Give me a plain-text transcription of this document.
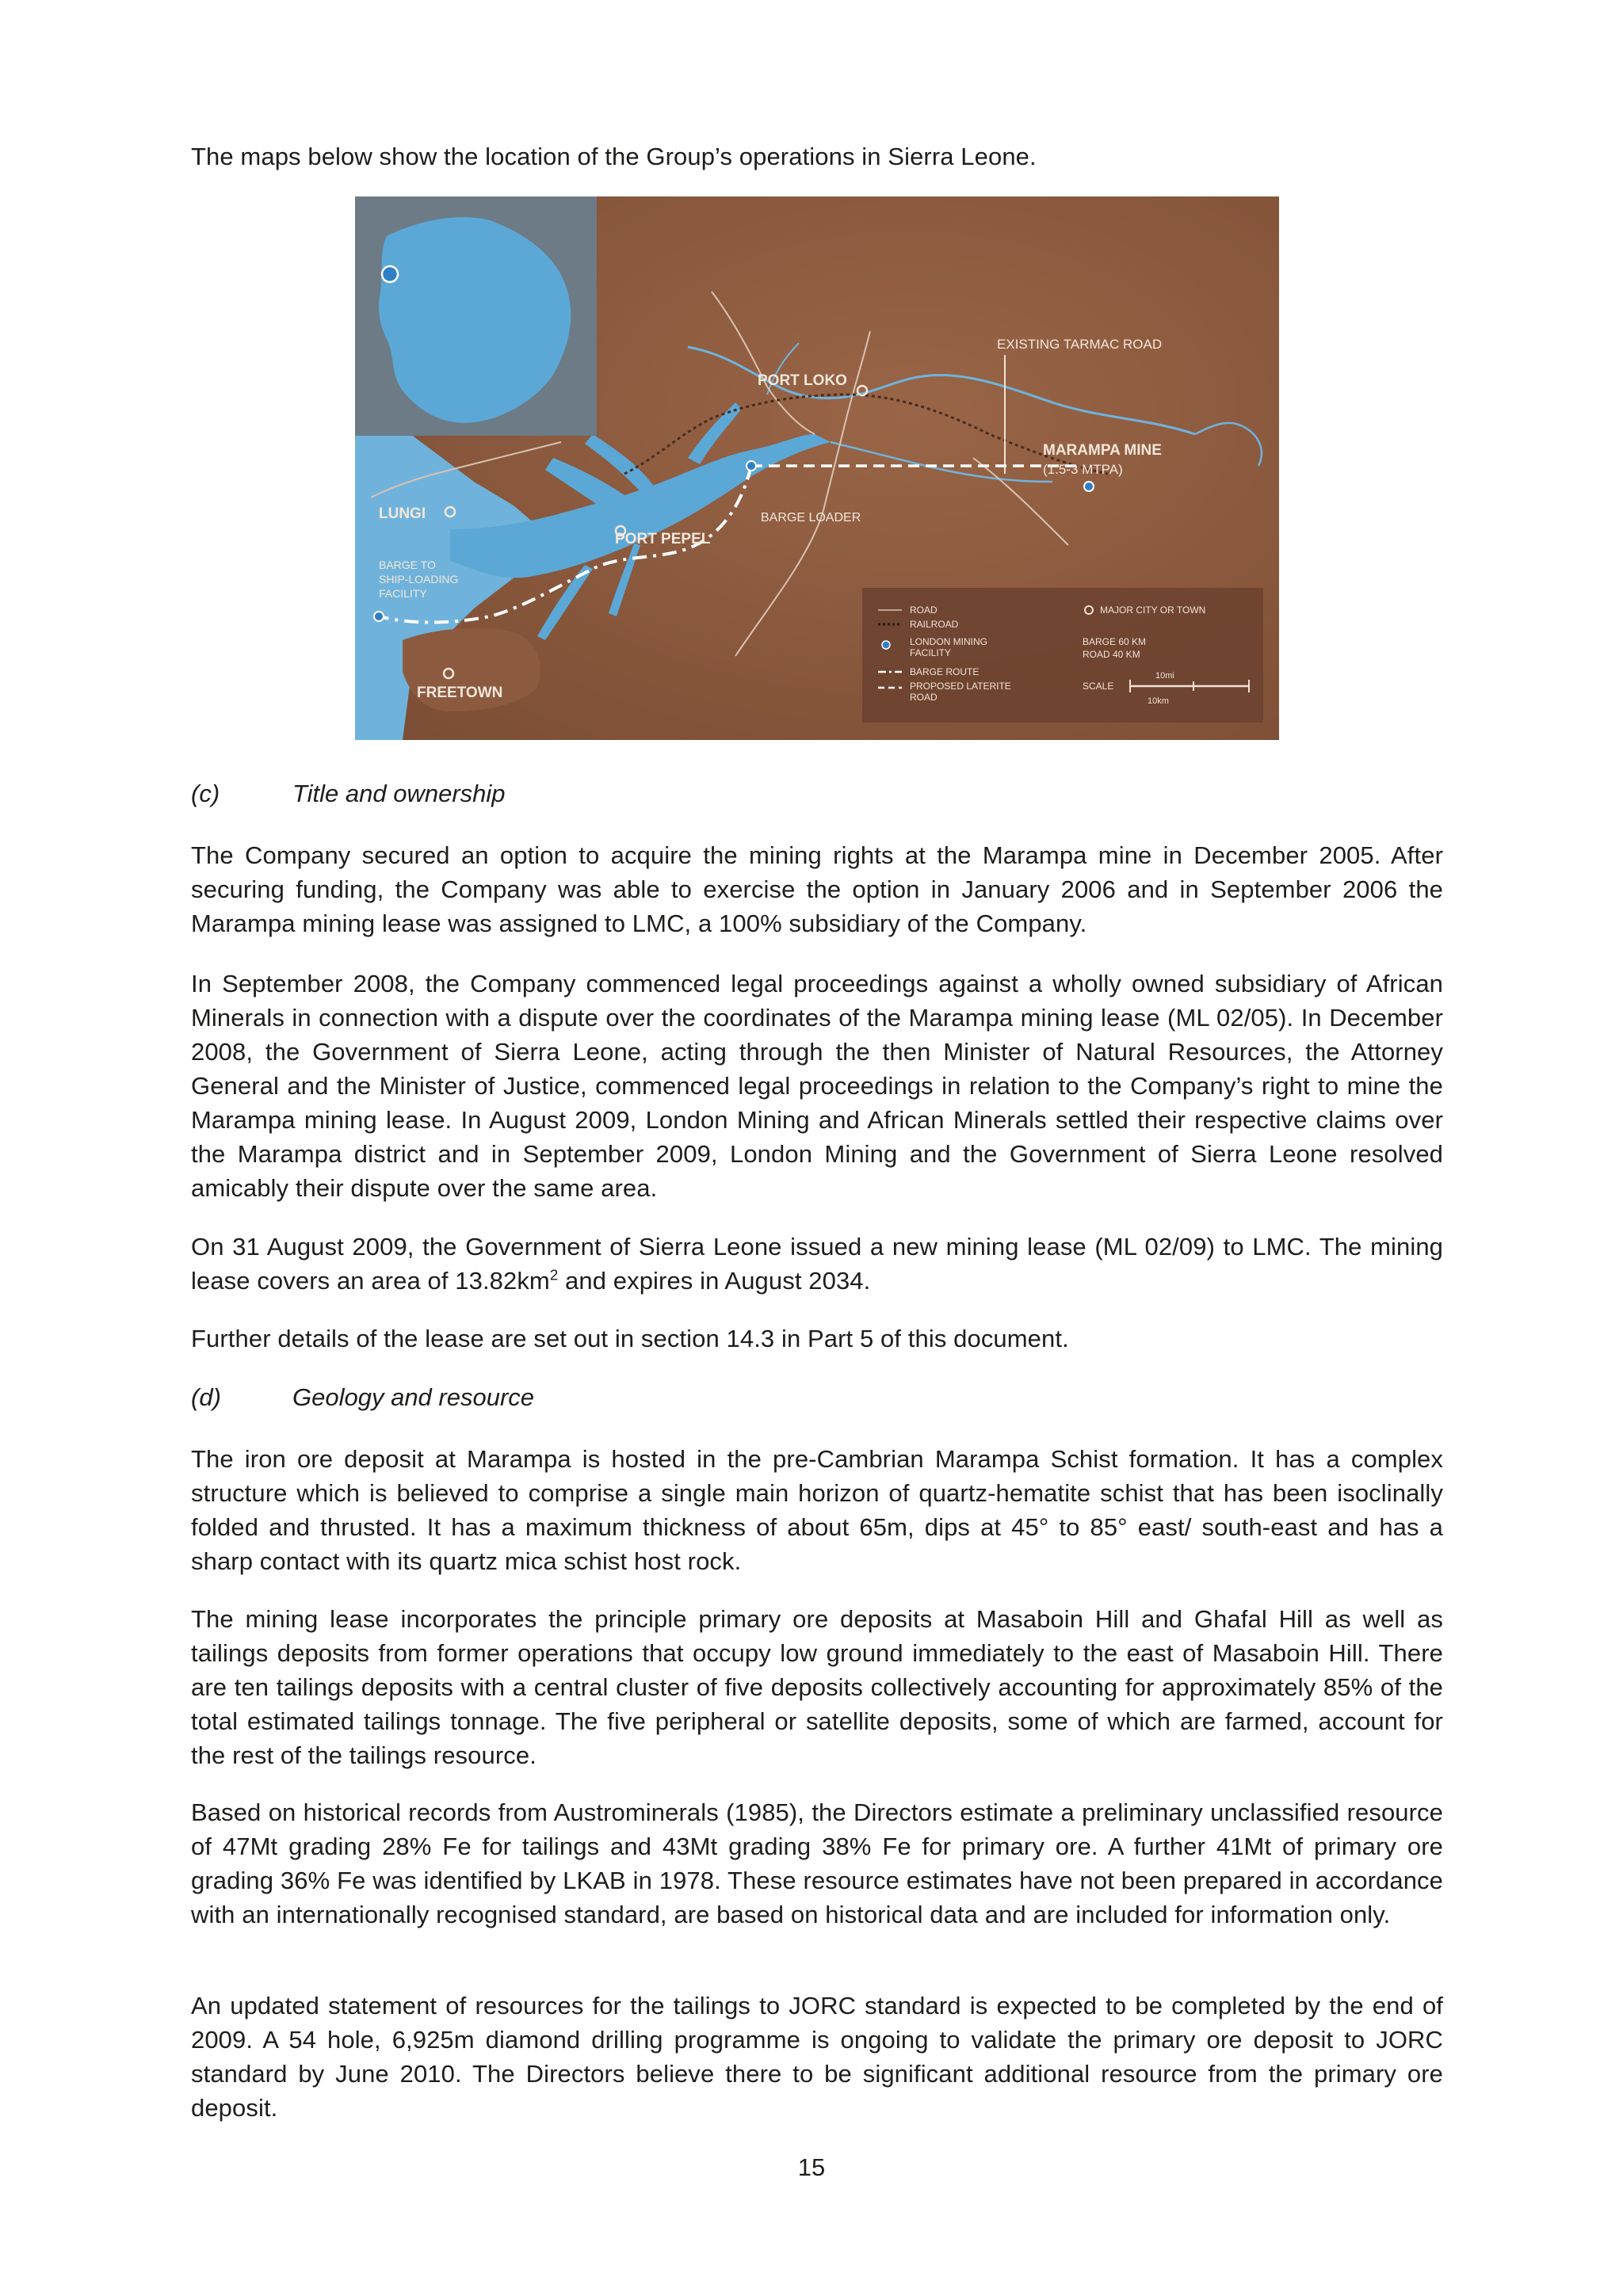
The maps below show the location of the Group’s operations in Sierra Leone.

EXISTING TARMAC ROAD
PORT LOKO
MARAMPA MINE
(1.5-3 MTPA)
BARGE LOADER
LUNGI
PORT PEPEL
BARGE TO
SHIP-LOADING
FACILITY
FREETOWN
ROAD
RAILROAD
LONDON MINING
FACILITY
BARGE ROUTE
PROPOSED LATERITE
ROAD
MAJOR CITY OR TOWN
BARGE 60 KM
ROAD 40 KM
SCALE
10mi
10km

(c)	Title and ownership

The Company secured an option to acquire the mining rights at the Marampa mine in December 2005. After securing funding, the Company was able to exercise the option in January 2006 and in September 2006 the Marampa mining lease was assigned to LMC, a 100% subsidiary of the Company.

In September 2008, the Company commenced legal proceedings against a wholly owned subsidiary of African Minerals in connection with a dispute over the coordinates of the Marampa mining lease (ML 02/05). In December 2008, the Government of Sierra Leone, acting through the then Minister of Natural Resources, the Attorney General and the Minister of Justice, commenced legal proceedings in relation to the Company’s right to mine the Marampa mining lease. In August 2009, London Mining and African Minerals settled their respective claims over the Marampa district and in September 2009, London Mining and the Government of Sierra Leone resolved amicably their dispute over the same area.

On 31 August 2009, the Government of Sierra Leone issued a new mining lease (ML 02/09) to LMC. The mining lease covers an area of $13.82km^2$ and expires in August 2034.

Further details of the lease are set out in section 14.3 in Part 5 of this document.

(d)	Geology and resource

The iron ore deposit at Marampa is hosted in the pre-Cambrian Marampa Schist formation. It has a complex structure which is believed to comprise a single main horizon of quartz-hematite schist that has been isoclinally folded and thrusted. It has a maximum thickness of about 65m, dips at 45° to 85° east/ south-east and has a sharp contact with its quartz mica schist host rock.

The mining lease incorporates the principle primary ore deposits at Masaboin Hill and Ghafal Hill as well as tailings deposits from former operations that occupy low ground immediately to the east of Masaboin Hill. There are ten tailings deposits with a central cluster of five deposits collectively accounting for approximately 85% of the total estimated tailings tonnage. The five peripheral or satellite deposits, some of which are farmed, account for the rest of the tailings resource.

Based on historical records from Austrominerals (1985), the Directors estimate a preliminary unclassified resource of 47Mt grading 28% Fe for tailings and 43Mt grading 38% Fe for primary ore. A further 41Mt of primary ore grading 36% Fe was identified by LKAB in 1978. These resource estimates have not been prepared in accordance with an internationally recognised standard, are based on historical data and are included for information only.

An updated statement of resources for the tailings to JORC standard is expected to be completed by the end of 2009. A 54 hole, 6,925m diamond drilling programme is ongoing to validate the primary ore deposit to JORC standard by June 2010. The Directors believe there to be significant additional resource from the primary ore deposit.

15
